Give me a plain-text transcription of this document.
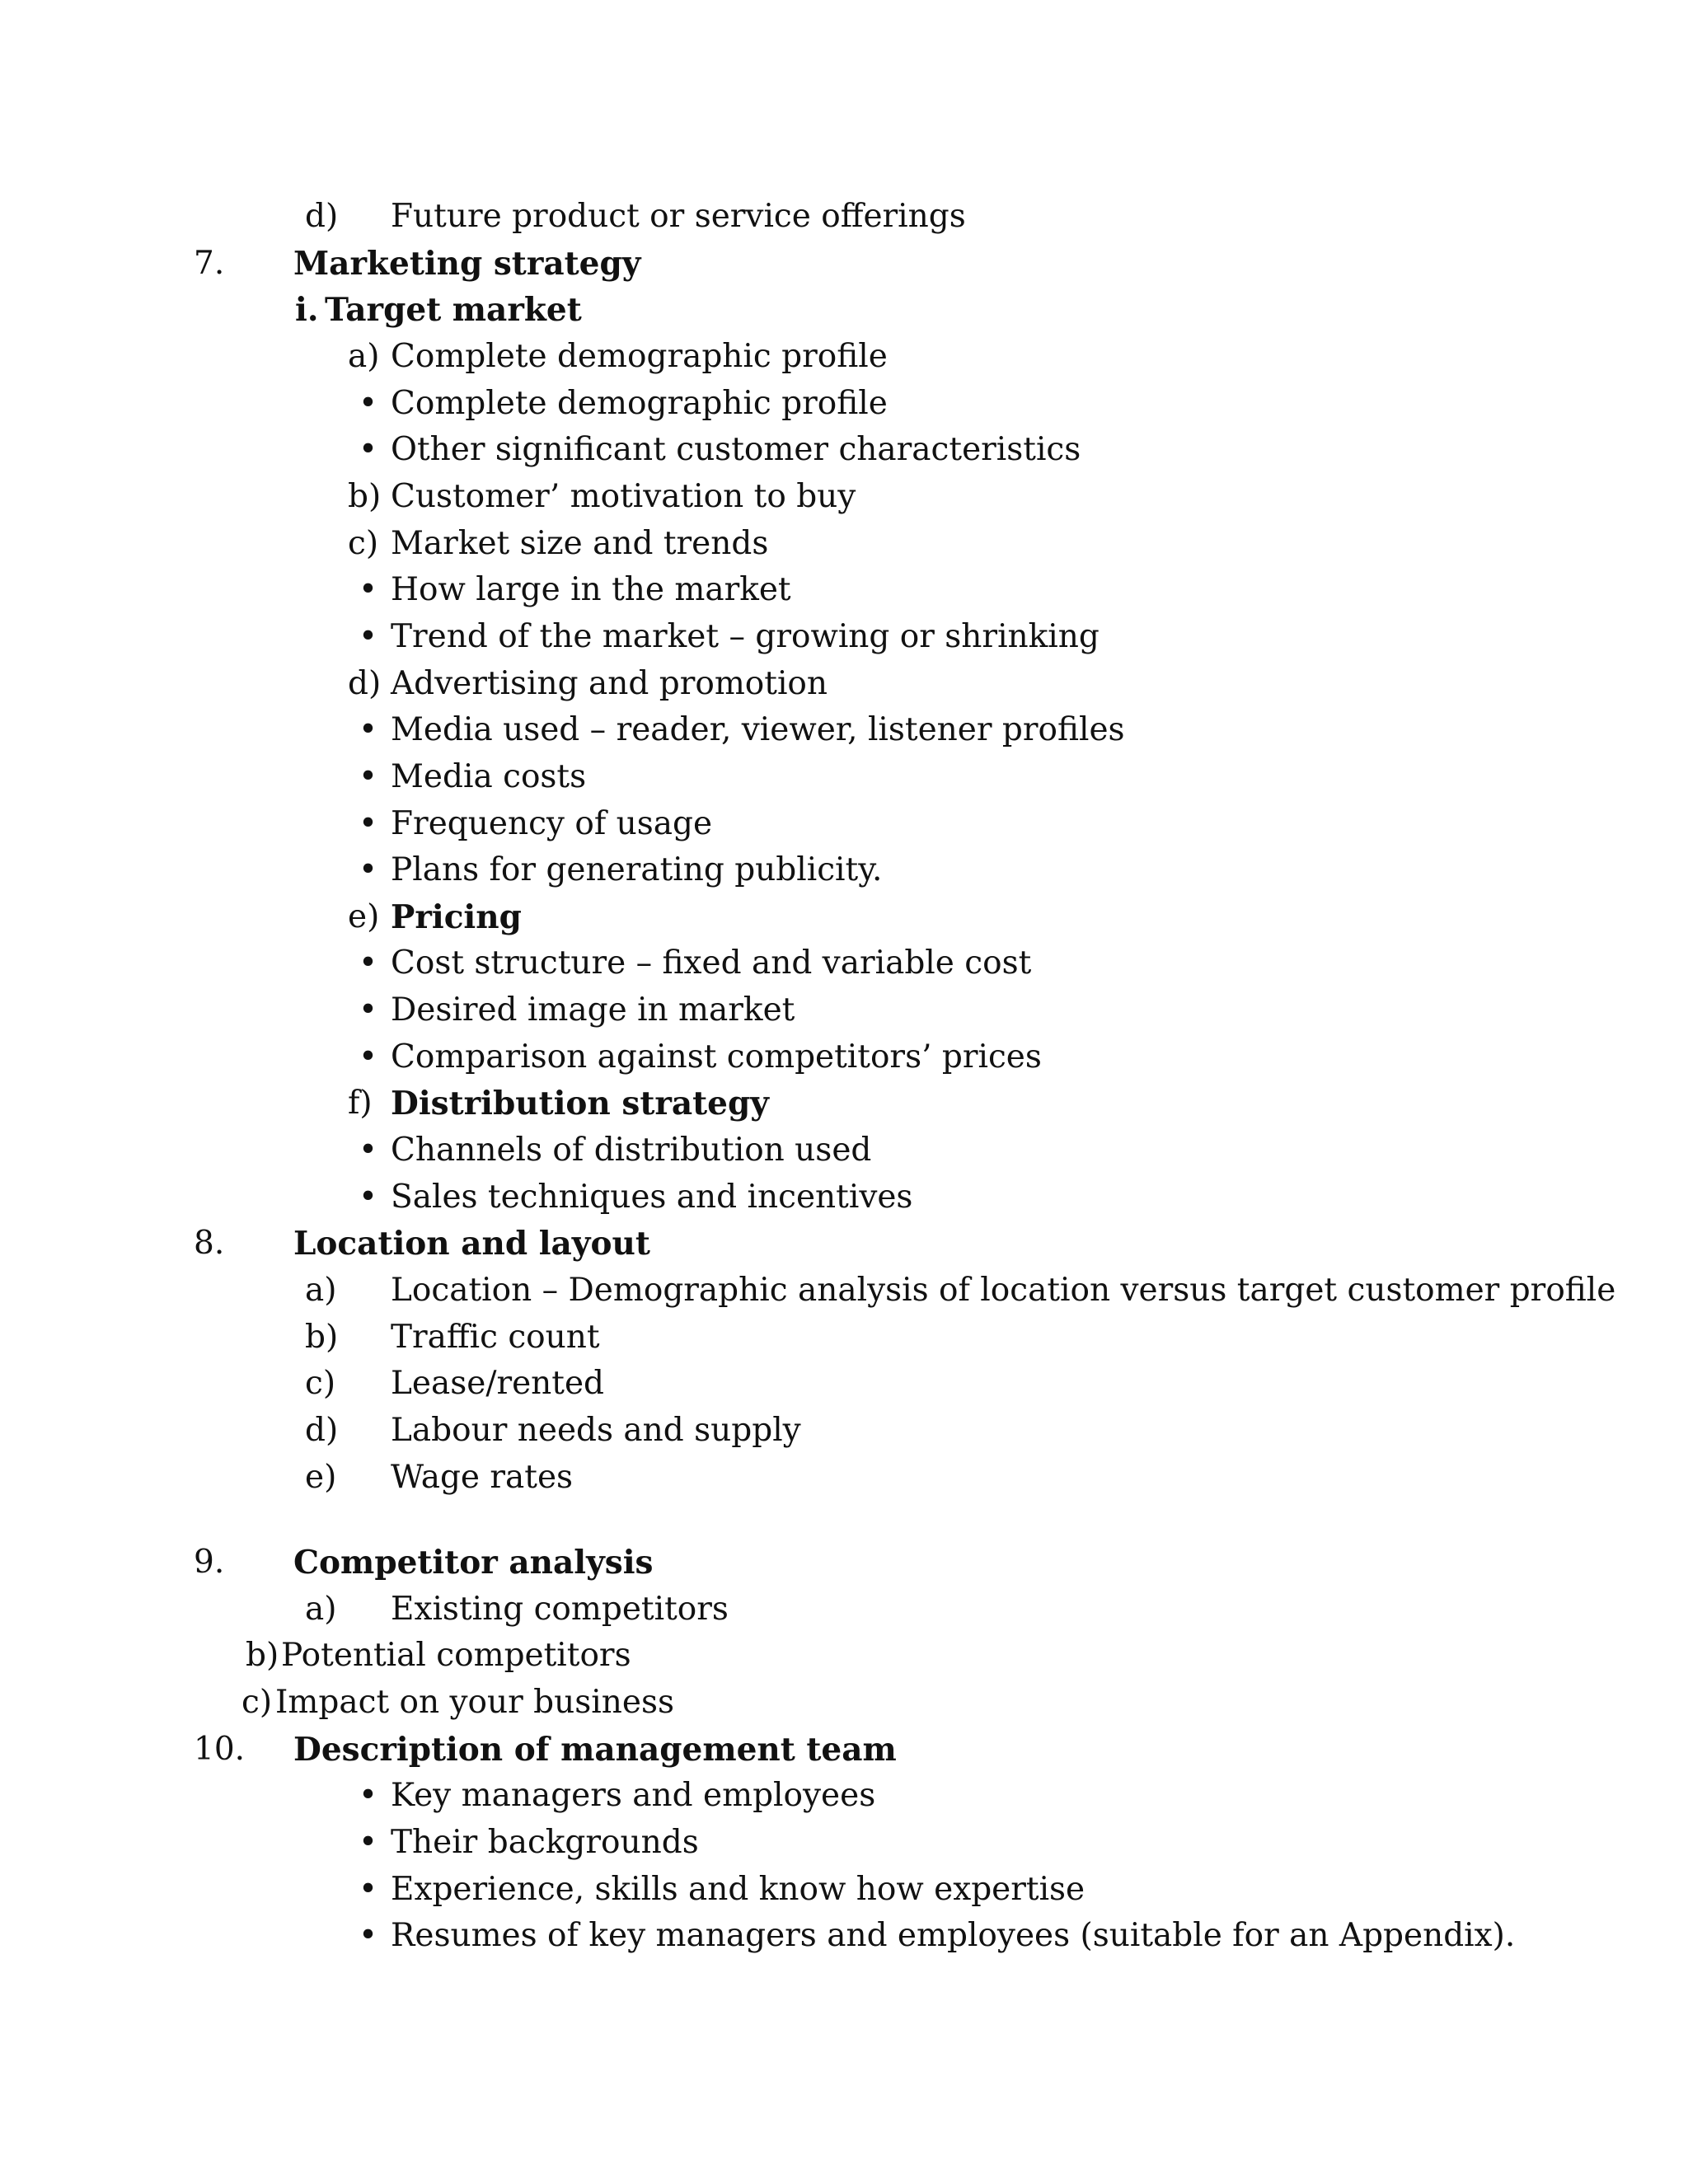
d) Future product or service offerings
7. Marketing strategy
i. Target market
a) Complete demographic profile
• Complete demographic profile
• Other significant customer characteristics
b) Customer’ motivation to buy
c) Market size and trends
• How large in the market
• Trend of the market – growing or shrinking
d) Advertising and promotion
• Media used – reader, viewer, listener profiles
• Media costs
• Frequency of usage
• Plans for generating publicity.
e) Pricing
• Cost structure – fixed and variable cost
• Desired image in market
• Comparison against competitors’ prices
f) Distribution strategy
• Channels of distribution used
• Sales techniques and incentives
8. Location and layout
a) Location – Demographic analysis of location versus target customer profile
b) Traffic count
c) Lease/rented
d) Labour needs and supply
e) Wage rates
9. Competitor analysis
a) Existing competitors
b) Potential competitors
c) Impact on your business
10. Description of management team
• Key managers and employees
• Their backgrounds
• Experience, skills and know how expertise
• Resumes of key managers and employees (suitable for an Appendix).
